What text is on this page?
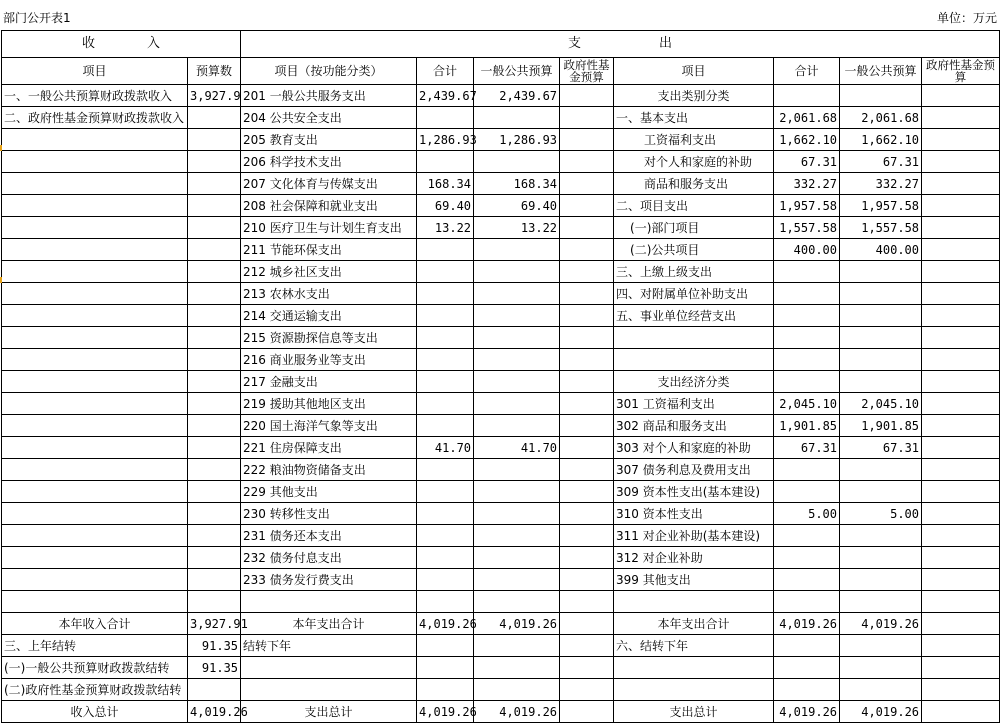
部门公开表1	单位：万元
收　　　　入		支　　　　　　出							
项目	预算数	项目（按功能分类）	合计	一般公共预算	政府性基金预算	项目	合计	一般公共预算	政府性基金预算
一、一般公共预算财政拨款收入	3,927.9	201 一般公共服务支出	2,439.67	2,439.67		支出类别分类			
二、政府性基金预算财政拨款收入		204 公共安全支出				一、基本支出	2,061.68	2,061.68	
		205 教育支出	1,286.93	1,286.93		工资福利支出	1,662.10	1,662.10	
		206 科学技术支出				对个人和家庭的补助	67.31	67.31	
		207 文化体育与传媒支出	168.34	168.34		商品和服务支出	332.27	332.27	
		208 社会保障和就业支出	69.40	69.40		二、项目支出	1,957.58	1,957.58	
		210 医疗卫生与计划生育支出	13.22	13.22		(一)部门项目	1,557.58	1,557.58	
		211 节能环保支出				(二)公共项目	400.00	400.00	
		212 城乡社区支出				三、上缴上级支出			
		213 农林水支出				四、对附属单位补助支出			
		214 交通运输支出				五、事业单位经营支出			
		215 资源勘探信息等支出							
		216 商业服务业等支出							
		217 金融支出				支出经济分类			
		219 援助其他地区支出				301 工资福利支出	2,045.10	2,045.10	
		220 国土海洋气象等支出				302 商品和服务支出	1,901.85	1,901.85	
		221 住房保障支出	41.70	41.70		303 对个人和家庭的补助	67.31	67.31	
		222 粮油物资储备支出				307 债务利息及费用支出			
		229 其他支出				309 资本性支出(基本建设)			
		230 转移性支出				310 资本性支出	5.00	5.00	
		231 债务还本支出				311 对企业补助(基本建设)			
		232 债务付息支出				312 对企业补助			
		233 债务发行费支出				399 其他支出			

本年收入合计	3,927.91	本年支出合计	4,019.26	4,019.26		本年支出合计	4,019.26	4,019.26	
三、上年结转	91.35	结转下年				六、结转下年			
(一)一般公共预算财政拨款结转	91.35								
(二)政府性基金预算财政拨款结转									
收入总计	4,019.26	支出总计	4,019.26	4,019.26		支出总计	4,019.26	4,019.26	
